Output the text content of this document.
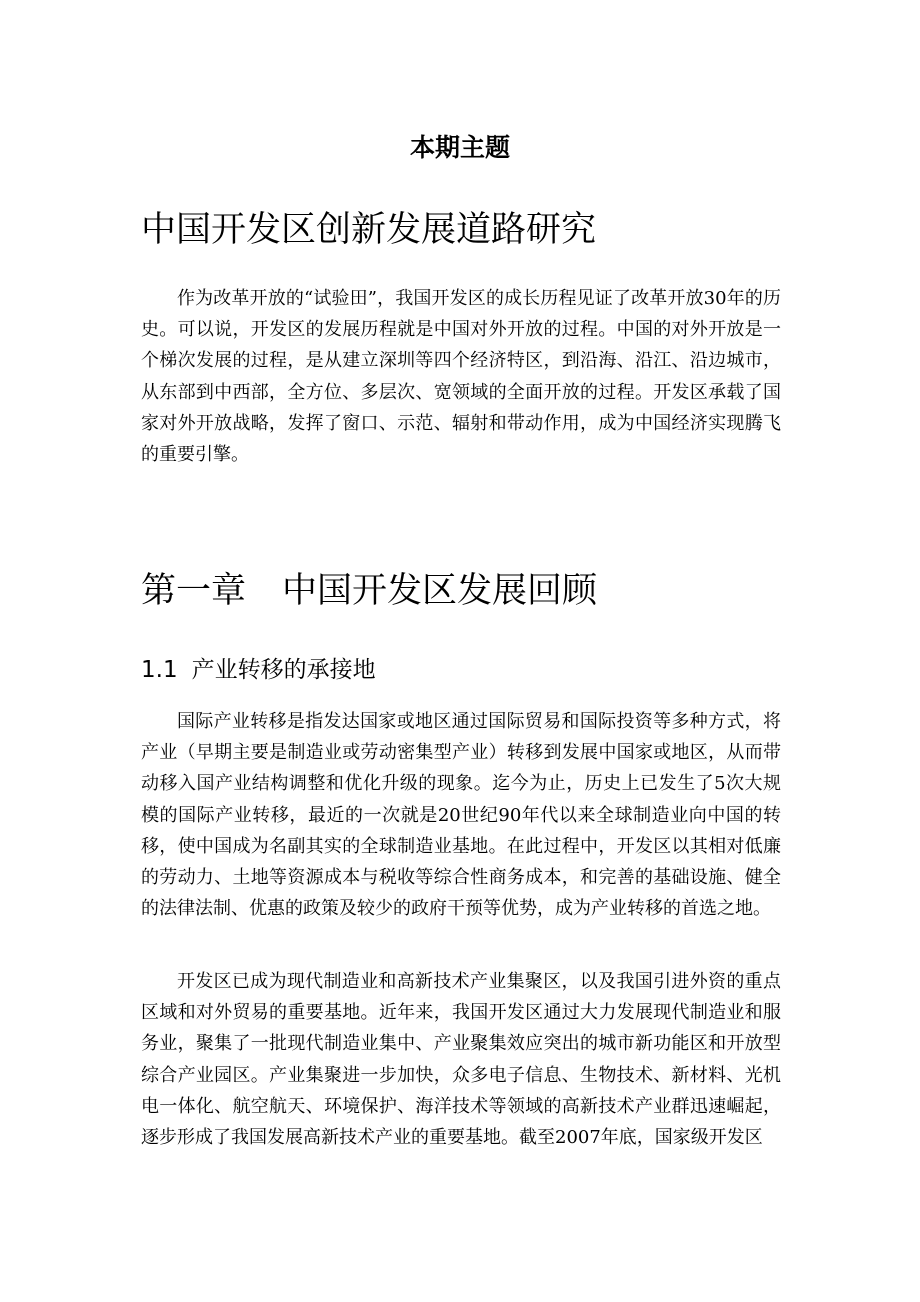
本期主题
中国开发区创新发展道路研究

作为改革开放的“试验田”，我国开发区的成长历程见证了改革开放30年的历史。可以说，开发区的发展历程就是中国对外开放的过程。中国的对外开放是一个梯次发展的过程，是从建立深圳等四个经济特区，到沿海、沿江、沿边城市，从东部到中西部，全方位、多层次、宽领域的全面开放的过程。开发区承载了国家对外开放战略，发挥了窗口、示范、辐射和带动作用，成为中国经济实现腾飞的重要引擎。

第一章 中国开发区发展回顾
1.1 产业转移的承接地

国际产业转移是指发达国家或地区通过国际贸易和国际投资等多种方式，将产业（早期主要是制造业或劳动密集型产业）转移到发展中国家或地区，从而带动移入国产业结构调整和优化升级的现象。迄今为止，历史上已发生了5次大规模的国际产业转移，最近的一次就是20世纪90年代以来全球制造业向中国的转移，使中国成为名副其实的全球制造业基地。在此过程中，开发区以其相对低廉的劳动力、土地等资源成本与税收等综合性商务成本，和完善的基础设施、健全的法律法制、优惠的政策及较少的政府干预等优势，成为产业转移的首选之地。

开发区已成为现代制造业和高新技术产业集聚区，以及我国引进外资的重点区域和对外贸易的重要基地。近年来，我国开发区通过大力发展现代制造业和服务业，聚集了一批现代制造业集中、产业聚集效应突出的城市新功能区和开放型综合产业园区。产业集聚进一步加快，众多电子信息、生物技术、新材料、光机电一体化、航空航天、环境保护、海洋技术等领域的高新技术产业群迅速崛起，逐步形成了我国发展高新技术产业的重要基地。截至2007年底，国家级开发区
